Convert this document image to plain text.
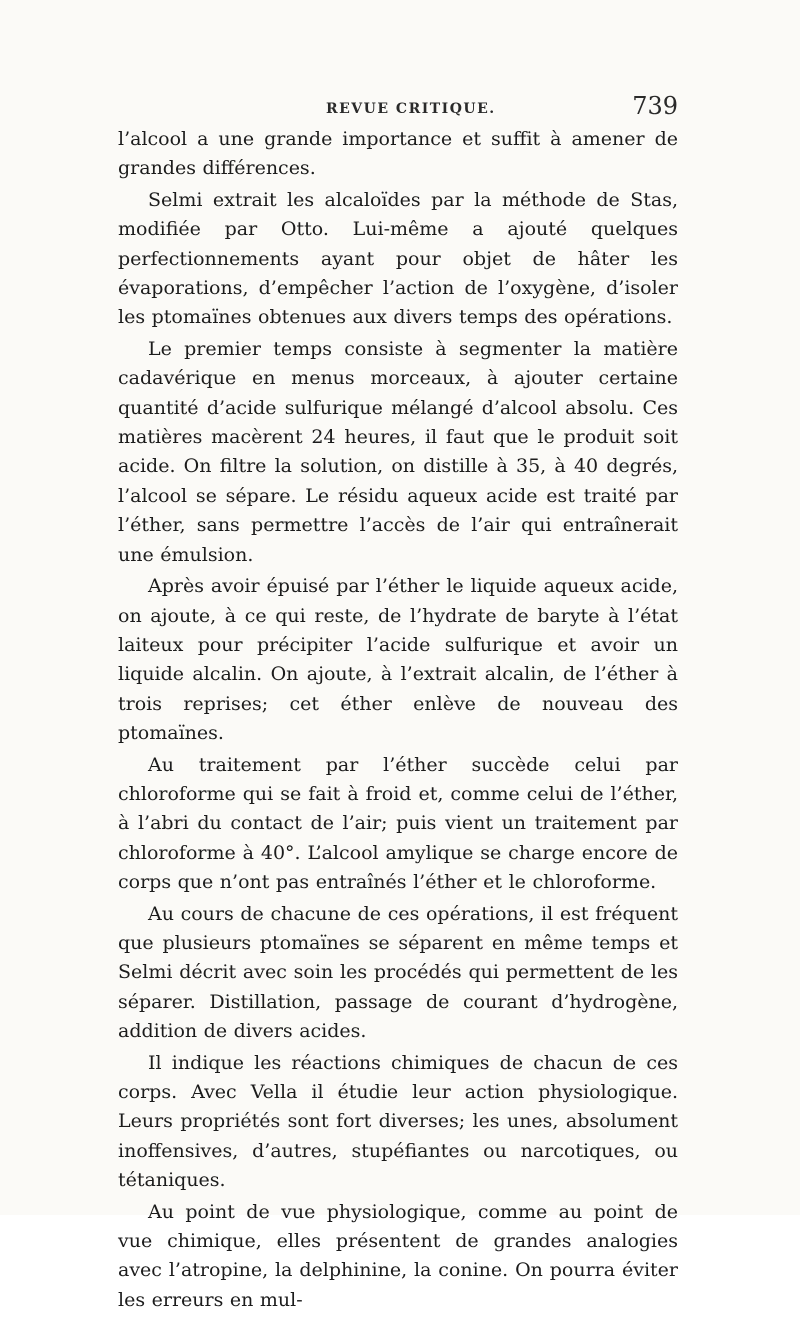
REVUE CRITIQUE.	739

l’alcool a une grande importance et suffit à amener de grandes différences.

Selmi extrait les alcaloïdes par la méthode de Stas, modifiée par Otto. Lui-même a ajouté quelques perfectionnements ayant pour objet de hâter les évaporations, d’empêcher l’action de l’oxygène, d’isoler les ptomaïnes obtenues aux divers temps des opérations.

Le premier temps consiste à segmenter la matière cadavérique en menus morceaux, à ajouter certaine quantité d’acide sulfurique mélangé d’alcool absolu. Ces matières macèrent 24 heures, il faut que le produit soit acide. On filtre la solution, on distille à 35, à 40 degrés, l’alcool se sépare. Le résidu aqueux acide est traité par l’éther, sans permettre l’accès de l’air qui entraînerait une émulsion.

Après avoir épuisé par l’éther le liquide aqueux acide, on ajoute, à ce qui reste, de l’hydrate de baryte à l’état laiteux pour précipiter l’acide sulfurique et avoir un liquide alcalin. On ajoute, à l’extrait alcalin, de l’éther à trois reprises; cet éther enlève de nouveau des ptomaïnes.

Au traitement par l’éther succède celui par chloroforme qui se fait à froid et, comme celui de l’éther, à l’abri du contact de l’air; puis vient un traitement par chloroforme à 40°. L’alcool amylique se charge encore de corps que n’ont pas entraînés l’éther et le chloroforme.

Au cours de chacune de ces opérations, il est fréquent que plusieurs ptomaïnes se séparent en même temps et Selmi décrit avec soin les procédés qui permettent de les séparer. Distillation, passage de courant d’hydrogène, addition de divers acides.

Il indique les réactions chimiques de chacun de ces corps. Avec Vella il étudie leur action physiologique. Leurs propriétés sont fort diverses; les unes, absolument inoffensives, d’autres, stupéfiantes ou narcotiques, ou tétaniques.

Au point de vue physiologique, comme au point de vue chimique, elles présentent de grandes analogies avec l’atropine, la delphinine, la conine. On pourra éviter les erreurs en mul-
